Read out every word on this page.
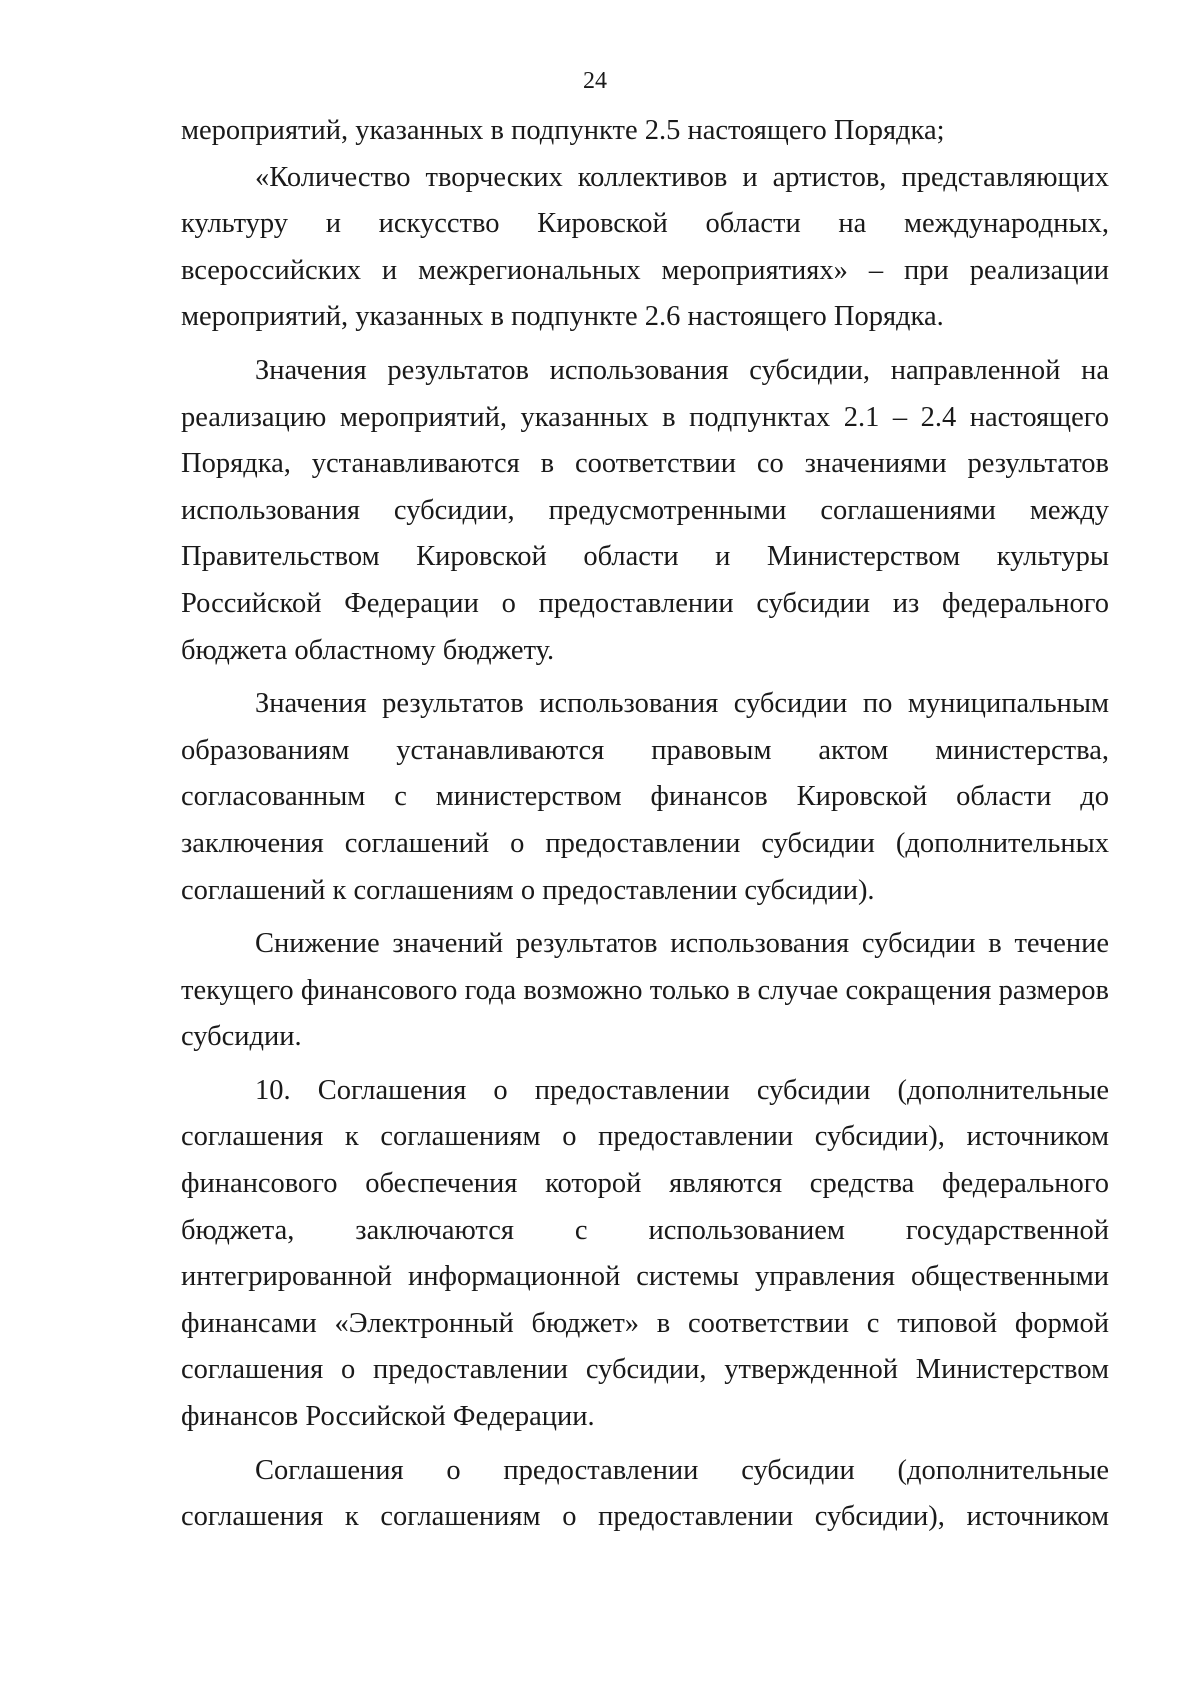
24

мероприятий, указанных в подпункте 2.5 настоящего Порядка;

«Количество творческих коллективов и артистов, представляющих культуру и искусство Кировской области на международных, всероссийских и межрегиональных мероприятиях» – при реализации мероприятий, указанных в подпункте 2.6 настоящего Порядка.

Значения результатов использования субсидии, направленной на реализацию мероприятий, указанных в подпунктах 2.1 – 2.4 настоящего Порядка, устанавливаются в соответствии со значениями результатов использования субсидии, предусмотренными соглашениями между Правительством Кировской области и Министерством культуры Российской Федерации о предоставлении субсидии из федерального бюджета областному бюджету.

Значения результатов использования субсидии по муниципальным образованиям устанавливаются правовым актом министерства, согласованным с министерством финансов Кировской области до заключения соглашений о предоставлении субсидии (дополнительных соглашений к соглашениям о предоставлении субсидии).

Снижение значений результатов использования субсидии в течение текущего финансового года возможно только в случае сокращения размеров субсидии.

10. Соглашения о предоставлении субсидии (дополнительные соглашения к соглашениям о предоставлении субсидии), источником финансового обеспечения которой являются средства федерального бюджета, заключаются с использованием государственной интегрированной информационной системы управления общественными финансами «Электронный бюджет» в соответствии с типовой формой соглашения о предоставлении субсидии, утвержденной Министерством финансов Российской Федерации.

Соглашения о предоставлении субсидии (дополнительные соглашения к соглашениям о предоставлении субсидии), источником
